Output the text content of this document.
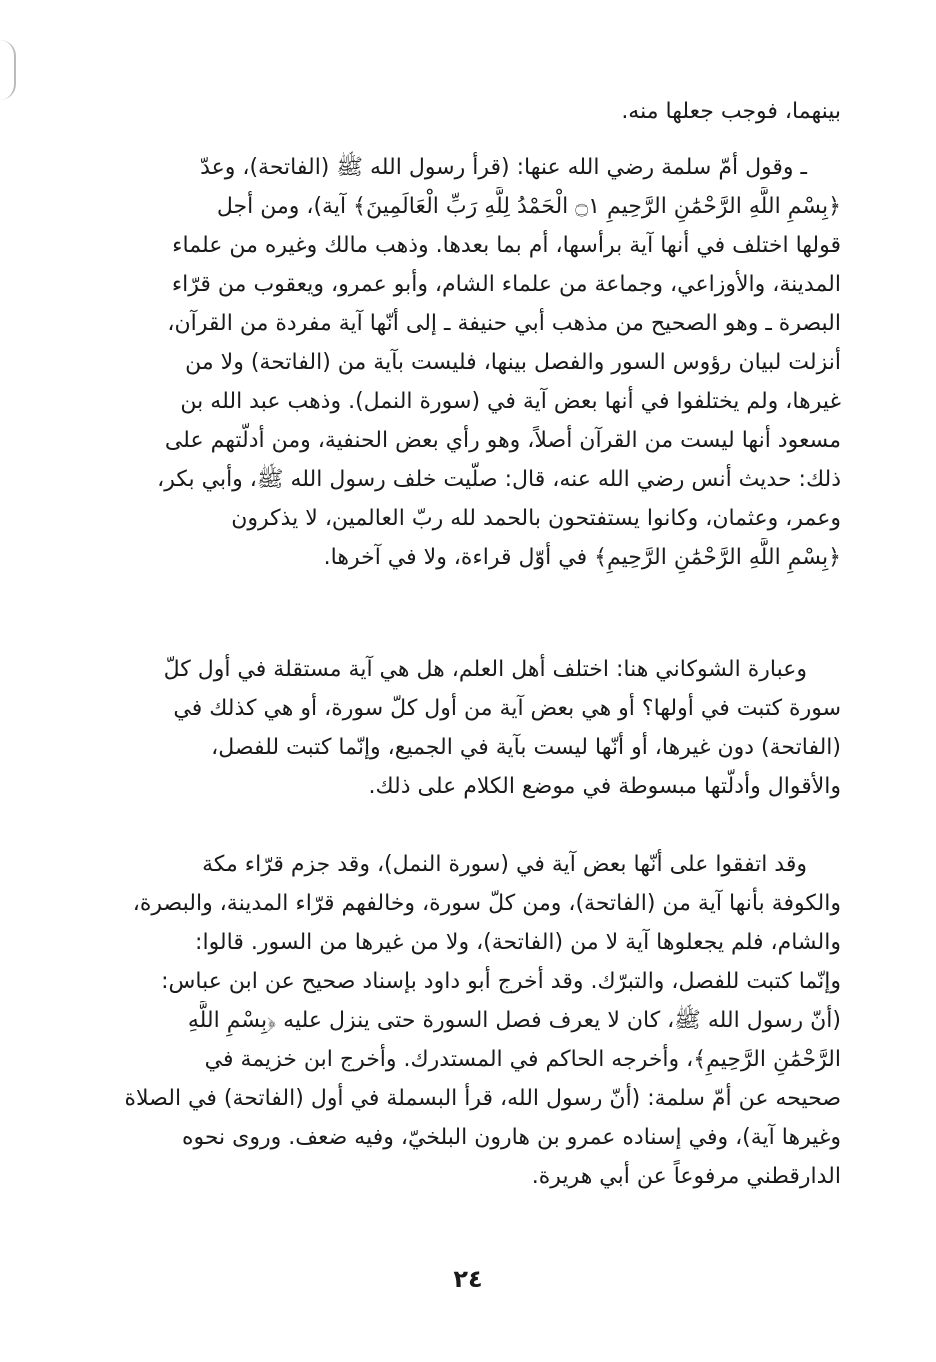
بينهما، فوجب جعلها منه.
ـ وقول أمّ سلمة رضي الله عنها: (قرأ رسول الله ﷺ (الفاتحة)، وعدّ
﴿بِسْمِ اللَّهِ الرَّحْمَٰنِ الرَّحِيمِ ۝١ الْحَمْدُ لِلَّهِ رَبِّ الْعَالَمِينَ﴾ آية)، ومن أجل
قولها اختلف في أنها آية برأسها، أم بما بعدها. وذهب مالك وغيره من علماء
المدينة، والأوزاعي، وجماعة من علماء الشام، وأبو عمرو، ويعقوب من قرّاء
البصرة ـ وهو الصحيح من مذهب أبي حنيفة ـ إلى أنّها آية مفردة من القرآن،
أنزلت لبيان رؤوس السور والفصل بينها، فليست بآية من (الفاتحة) ولا من
غيرها، ولم يختلفوا في أنها بعض آية في (سورة النمل). وذهب عبد الله بن
مسعود أنها ليست من القرآن أصلاً، وهو رأي بعض الحنفية، ومن أدلّتهم على
ذلك: حديث أنس رضي الله عنه، قال: صلّيت خلف رسول الله ﷺ، وأبي بكر،
وعمر، وعثمان، وكانوا يستفتحون بالحمد لله ربّ العالمين، لا يذكرون
﴿بِسْمِ اللَّهِ الرَّحْمَٰنِ الرَّحِيمِ﴾ في أوّل قراءة، ولا في آخرها.
وعبارة الشوكاني هنا: اختلف أهل العلم، هل هي آية مستقلة في أول كلّ
سورة كتبت في أولها؟ أو هي بعض آية من أول كلّ سورة، أو هي كذلك في
(الفاتحة) دون غيرها، أو أنّها ليست بآية في الجميع، وإنّما كتبت للفصل،
والأقوال وأدلّتها مبسوطة في موضع الكلام على ذلك.
وقد اتفقوا على أنّها بعض آية في (سورة النمل)، وقد جزم قرّاء مكة
والكوفة بأنها آية من (الفاتحة)، ومن كلّ سورة، وخالفهم قرّاء المدينة، والبصرة،
والشام، فلم يجعلوها آية لا من (الفاتحة)، ولا من غيرها من السور. قالوا:
وإنّما كتبت للفصل، والتبرّك. وقد أخرج أبو داود بإسناد صحيح عن ابن عباس:
(أنّ رسول الله ﷺ، كان لا يعرف فصل السورة حتى ينزل عليه ﴿بِسْمِ اللَّهِ
الرَّحْمَٰنِ الرَّحِيمِ﴾، وأخرجه الحاكم في المستدرك. وأخرج ابن خزيمة في
صحيحه عن أمّ سلمة: (أنّ رسول الله، قرأ البسملة في أول (الفاتحة) في الصلاة
وغيرها آية)، وفي إسناده عمرو بن هارون البلخيّ، وفيه ضعف. وروى نحوه
الدارقطني مرفوعاً عن أبي هريرة.
٢٤
